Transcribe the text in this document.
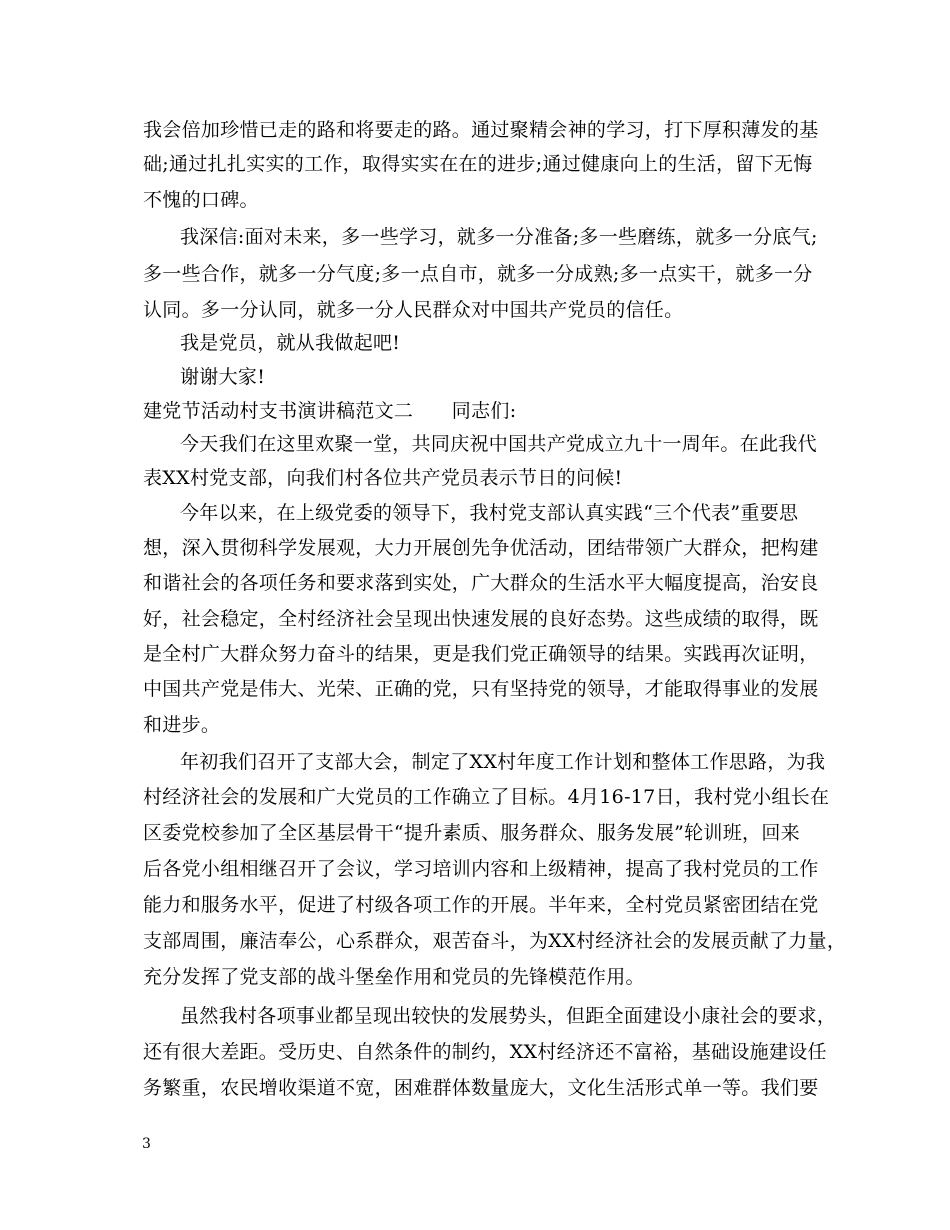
我会倍加珍惜已走的路和将要走的路。通过聚精会神的学习，打下厚积薄发的基
础;通过扎扎实实的工作，取得实实在在的进步;通过健康向上的生活，留下无悔
不愧的口碑。
我深信:面对未来，多一些学习，就多一分准备;多一些磨练，就多一分底气;
多一些合作，就多一分气度;多一点自市，就多一分成熟;多一点实干，就多一分
认同。多一分认同，就多一分人民群众对中国共产党员的信任。
我是党员，就从我做起吧!
谢谢大家!
建党节活动村支书演讲稿范文二　　同志们:
今天我们在这里欢聚一堂，共同庆祝中国共产党成立九十一周年。在此我代
表XX村党支部，向我们村各位共产党员表示节日的问候!
今年以来，在上级党委的领导下，我村党支部认真实践“三个代表”重要思
想，深入贯彻科学发展观，大力开展创先争优活动，团结带领广大群众，把构建
和谐社会的各项任务和要求落到实处，广大群众的生活水平大幅度提高，治安良
好，社会稳定，全村经济社会呈现出快速发展的良好态势。这些成绩的取得，既
是全村广大群众努力奋斗的结果，更是我们党正确领导的结果。实践再次证明，
中国共产党是伟大、光荣、正确的党，只有坚持党的领导，才能取得事业的发展
和进步。
年初我们召开了支部大会，制定了XX村年度工作计划和整体工作思路，为我
村经济社会的发展和广大党员的工作确立了目标。4月16-17日，我村党小组长在
区委党校参加了全区基层骨干“提升素质、服务群众、服务发展”轮训班，回来
后各党小组相继召开了会议，学习培训内容和上级精神，提高了我村党员的工作
能力和服务水平，促进了村级各项工作的开展。半年来，全村党员紧密团结在党
支部周围，廉洁奉公，心系群众，艰苦奋斗，为XX村经济社会的发展贡献了力量，
充分发挥了党支部的战斗堡垒作用和党员的先锋模范作用。
虽然我村各项事业都呈现出较快的发展势头，但距全面建设小康社会的要求，
还有很大差距。受历史、自然条件的制约，XX村经济还不富裕，基础设施建设任
务繁重，农民增收渠道不宽，困难群体数量庞大，文化生活形式单一等。我们要
3
